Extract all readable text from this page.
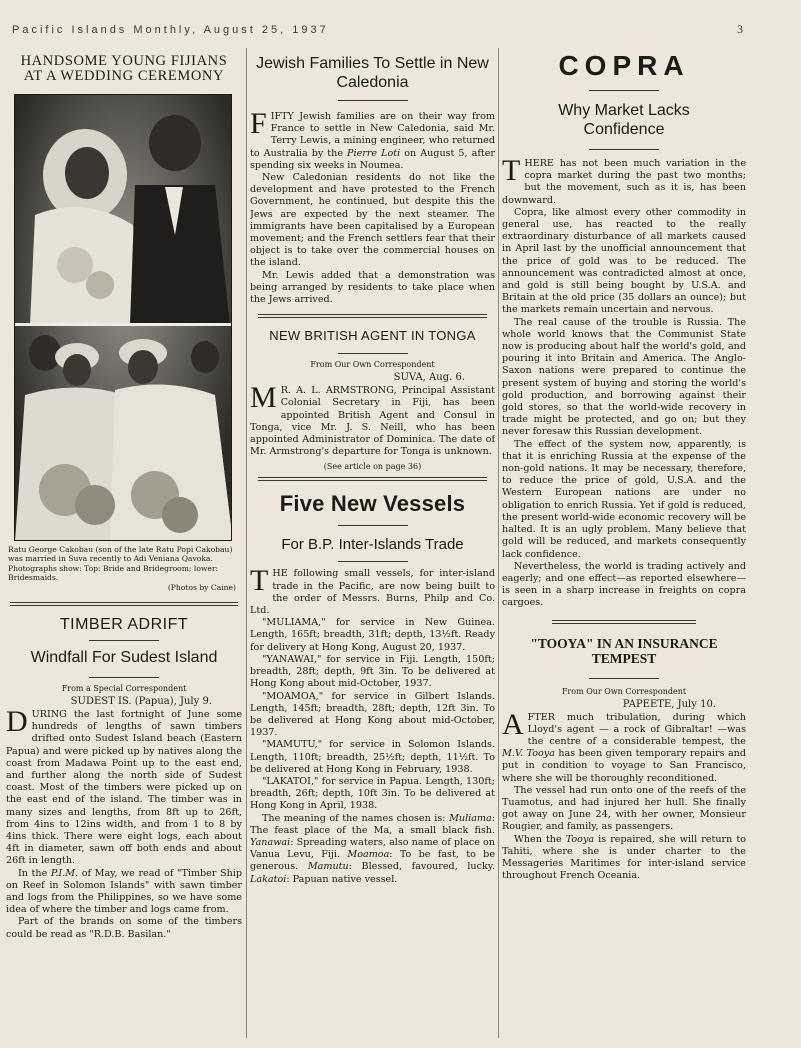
Pacific Islands Monthly, August 25, 1937	3
HANDSOME YOUNG FIJIANS
AT A WEDDING CEREMONY
Ratu George Cakobau (son of the late Ratu Popi Cakobau) was married in Suva recently to Adi Veniana Qavoka. Photographs show: Top: Bride and Bridegroom; lower: Bridesmaids.
(Photos by Caine)
TIMBER ADRIFT
Windfall For Sudest Island
From a Special Correspondent
SUDEST IS. (Papua), July 9.

DURING the last fortnight of June some hundreds of lengths of sawn timbers drifted onto Sudest Island beach (Eastern Papua) and were picked up by natives along the coast from Madawa Point up to the east end, and further along the north side of Sudest coast. Most of the timbers were picked up on the east end of the island. The timber was in many sizes and lengths, from 8ft up to 26ft, from 4ins to 12ins width, and from 1 to 8 by 4ins thick. There were eight logs, each about 4ft in diameter, sawn off both ends and about 26ft in length.

In the P.I.M. of May, we read of "Timber Ship on Reef in Solomon Islands" with sawn timber and logs from the Philippines, so we have some idea of where the timber and logs came from.

Part of the brands on some of the timbers could be read as "R.D.B. Basilan."

Jewish Families To Settle in New Caledonia

FIFTY Jewish families are on their way from France to settle in New Caledonia, said Mr. Terry Lewis, a mining engineer, who returned to Australia by the Pierre Loti on August 5, after spending six weeks in Noumea.

New Caledonian residents do not like the development and have protested to the French Government, he continued, but despite this the Jews are expected by the next steamer. The immigrants have been capitalised by a European movement; and the French settlers fear that their object is to take over the commercial houses on the island.

Mr. Lewis added that a demonstration was being arranged by residents to take place when the Jews arrived.

NEW BRITISH AGENT IN TONGA
From Our Own Correspondent
SUVA, Aug. 6.

M R. A. L. ARMSTRONG, Principal Assistant Colonial Secretary in Fiji, has been appointed British Agent and Consul in Tonga, vice Mr. J. S. Neill, who has been appointed Administrator of Dominica. The date of Mr. Armstrong's departure for Tonga is unknown.

(See article on page 36)
Five New Vessels
For B.P. Inter-Islands Trade

THE following small vessels, for inter-island trade in the Pacific, are now being built to the order of Messrs. Burns, Philp and Co. Ltd.

"MULIAMA," for service in New Guinea. Length, 165ft; breadth, 31ft; depth, 13½ft. Ready for delivery at Hong Kong, August 20, 1937.

"YANAWAI," for service in Fiji. Length, 150ft; breadth, 28ft; depth, 9ft 3in. To be delivered at Hong Kong about mid-October, 1937.

"MOAMOA," for service in Gilbert Islands. Length, 145ft; breadth, 28ft; depth, 12ft 3in. To be delivered at Hong Kong about mid-October, 1937.

"MAMUTU," for service in Solomon Islands. Length, 110ft; breadth, 25½ft; depth, 11½ft. To be delivered at Hong Kong in February, 1938.

"LAKATOI," for service in Papua. Length, 130ft; breadth, 26ft; depth, 10ft 3in. To be delivered at Hong Kong in April, 1938.

The meaning of the names chosen is: Muliama: The feast place of the Ma, a small black fish. Yanawai: Spreading waters, also name of place on Vanua Levu, Fiji. Moamoa: To be fast, to be generous. Mamutu: Blessed, favoured, lucky. Lakatoi: Papuan native vessel.

COPRA
Why Market Lacks Confidence

THERE has not been much variation in the copra market during the past two months; but the movement, such as it is, has been downward.

Copra, like almost every other commodity in general use, has reacted to the really extraordinary disturbance of all markets caused in April last by the unofficial announcement that the price of gold was to be reduced. The announcement was contradicted almost at once, and gold is still being bought by U.S.A. and Britain at the old price (35 dollars an ounce); but the markets remain uncertain and nervous.

The real cause of the trouble is Russia. The whole world knows that the Communist State now is producing about half the world's gold, and pouring it into Britain and America. The Anglo-Saxon nations were prepared to continue the present system of buying and storing the world's gold production, and borrowing against their gold stores, so that the world-wide recovery in trade might be protected, and go on; but they never foresaw this Russian development.

The effect of the system now, apparently, is that it is enriching Russia at the expense of the non-gold nations. It may be necessary, therefore, to reduce the price of gold, U.S.A. and the Western European nations are under no obligation to enrich Russia. Yet if gold is reduced, the present world-wide economic recovery will be halted. It is an ugly problem. Many believe that gold will be reduced, and markets consequently lack confidence.

Nevertheless, the world is trading actively and eagerly; and one effect—as reported elsewhere—is seen in a sharp increase in freights on copra cargoes.

"TOOYA" IN AN INSURANCE TEMPEST
From Our Own Correspondent
PAPEETE, July 10.

AFTER much tribulation, during which Lloyd's agent — a rock of Gibraltar! —was the centre of a considerable tempest, the M.V. Tooya has been given temporary repairs and put in condition to voyage to San Francisco, where she will be thoroughly reconditioned.

The vessel had run onto one of the reefs of the Tuamotus, and had injured her hull. She finally got away on June 24, with her owner, Monsieur Rougier, and family, as passengers.

When the Tooya is repaired, she will return to Tahiti, where she is under charter to the Messageries Maritimes for inter-island service throughout French Oceania.
